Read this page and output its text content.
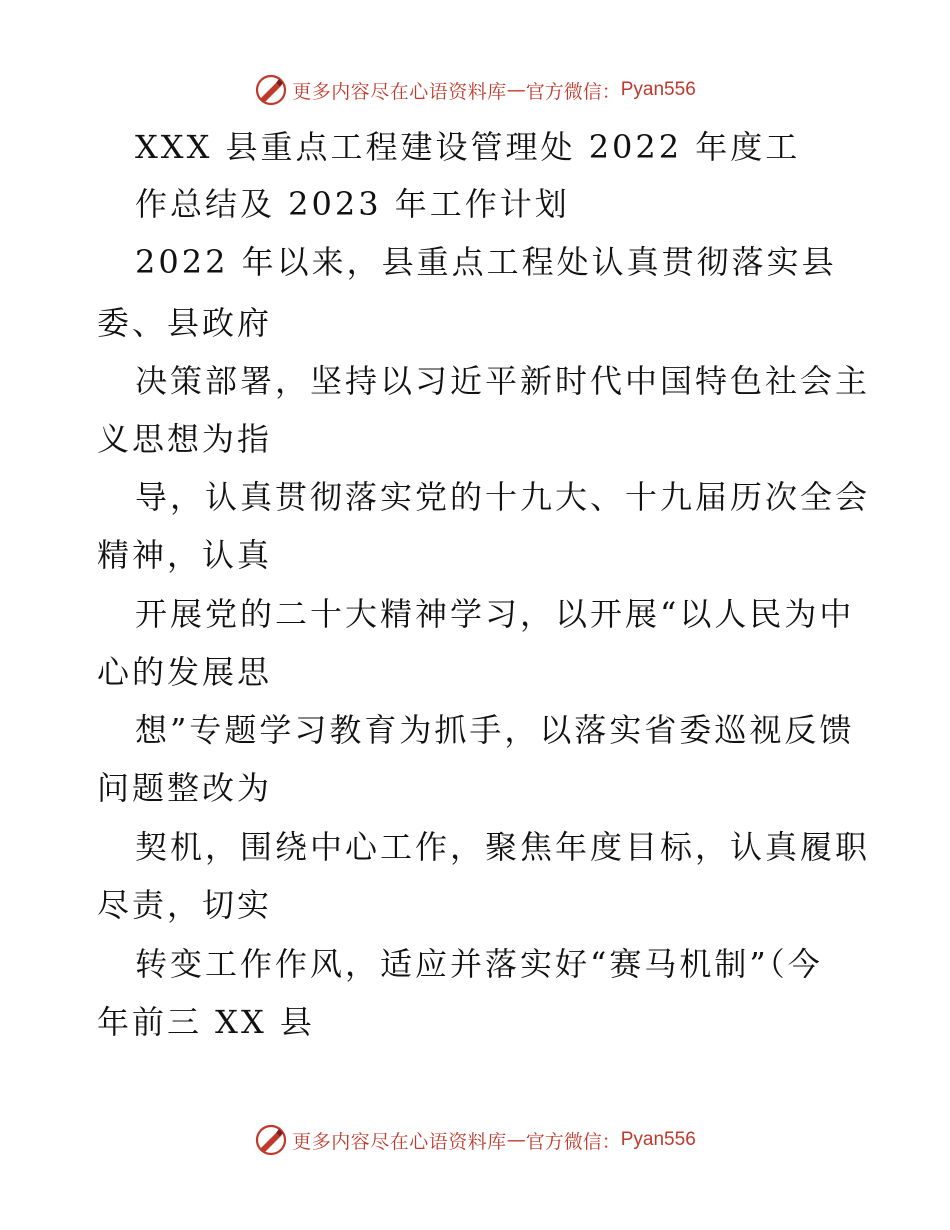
更多内容尽在心语资料库 — 官方微信： Pyan556
XXX 县重点工程建设管理处 2022 年度工
作总结及 2023 年工作计划
2022 年以来，县重点工程处认真贯彻落实县
委、县政府
决策部署，坚持以习近平新时代中国特色社会主
义思想为指
导，认真贯彻落实党的十九大、十九届历次全会
精神，认真
开展党的二十大精神学习，以开展“以人民为中
心的发展思
想”专题学习教育为抓手，以落实省委巡视反馈
问题整改为
契机，围绕中心工作，聚焦年度目标，认真履职
尽责，切实
转变工作作风，适应并落实好“赛马机制”（今
年前三 XX 县
更多内容尽在心语资料库 — 官方微信： Pyan556
